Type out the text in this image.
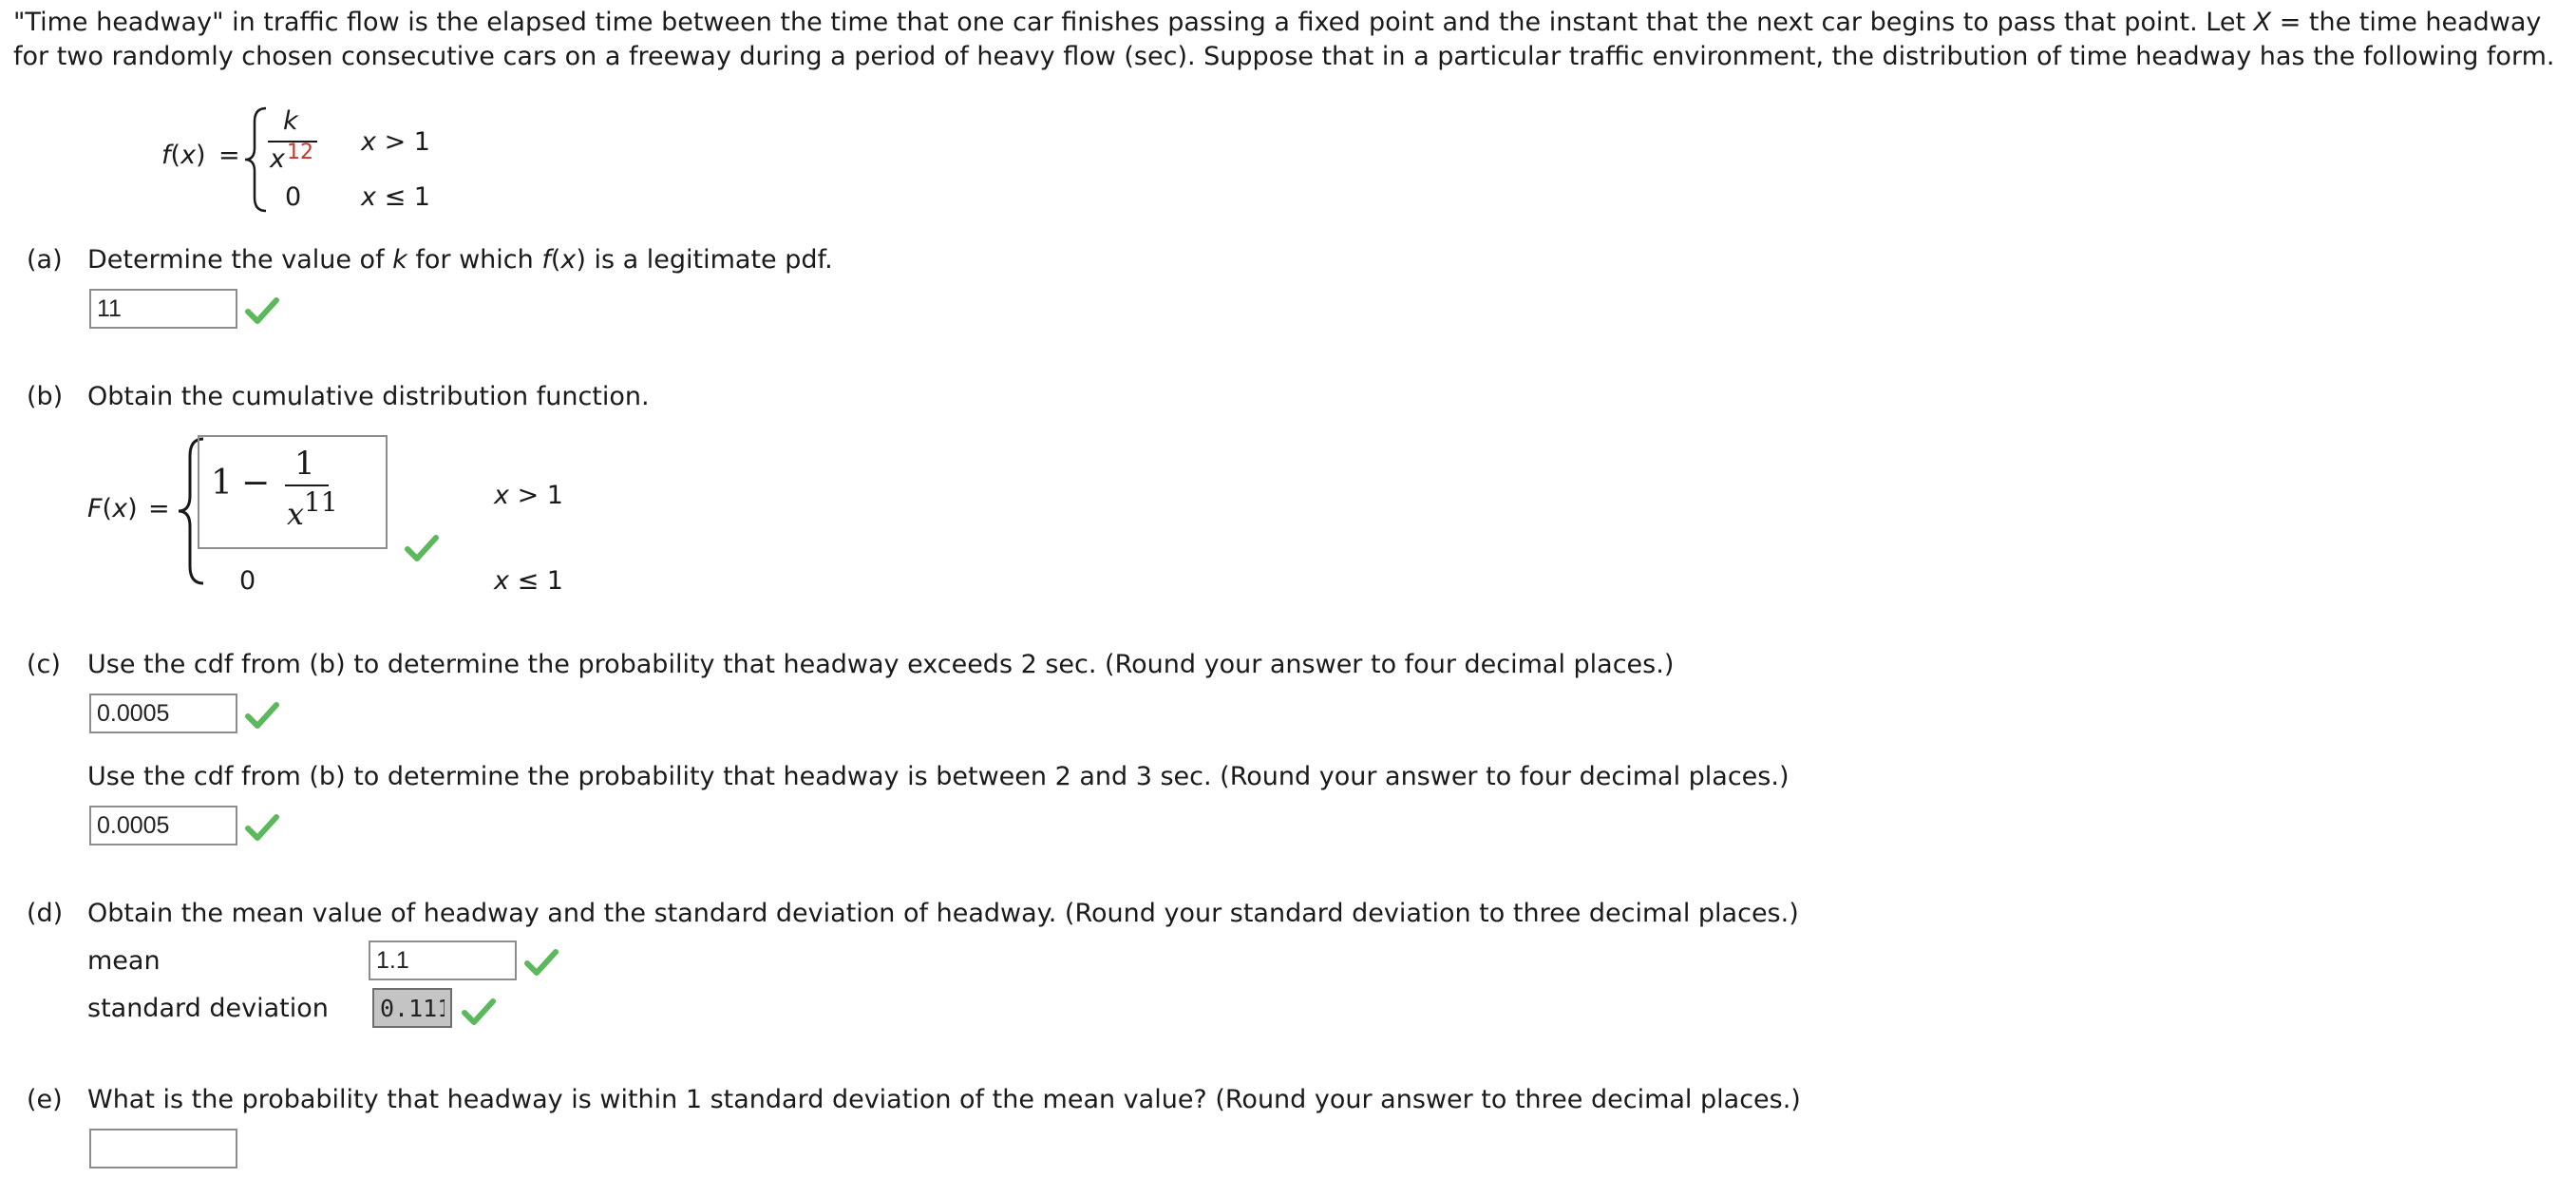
"Time headway" in traffic flow is the elapsed time between the time that one car finishes passing a fixed point and the instant that the next car begins to pass that point. Let X = the time headway for two randomly chosen consecutive cars on a freeway during a period of heavy flow (sec). Suppose that in a particular traffic environment, the distribution of time headway has the following form.
f(x) =
k
x 12
0
x > 1
x ≤ 1
(a) Determine the value of k for which f(x) is a legitimate pdf.
11
(b) Obtain the cumulative distribution function.
F(x) =
1 − 1
x 11
0
x > 1
x ≤ 1
(c) Use the cdf from (b) to determine the probability that headway exceeds 2 sec. (Round your answer to four decimal places.)
0.0005
Use the cdf from (b) to determine the probability that headway is between 2 and 3 sec. (Round your answer to four decimal places.)
0.0005
(d) Obtain the mean value of headway and the standard deviation of headway. (Round your standard deviation to three decimal places.)
mean
1.1
standard deviation
0.111
(e) What is the probability that headway is within 1 standard deviation of the mean value? (Round your answer to three decimal places.)
